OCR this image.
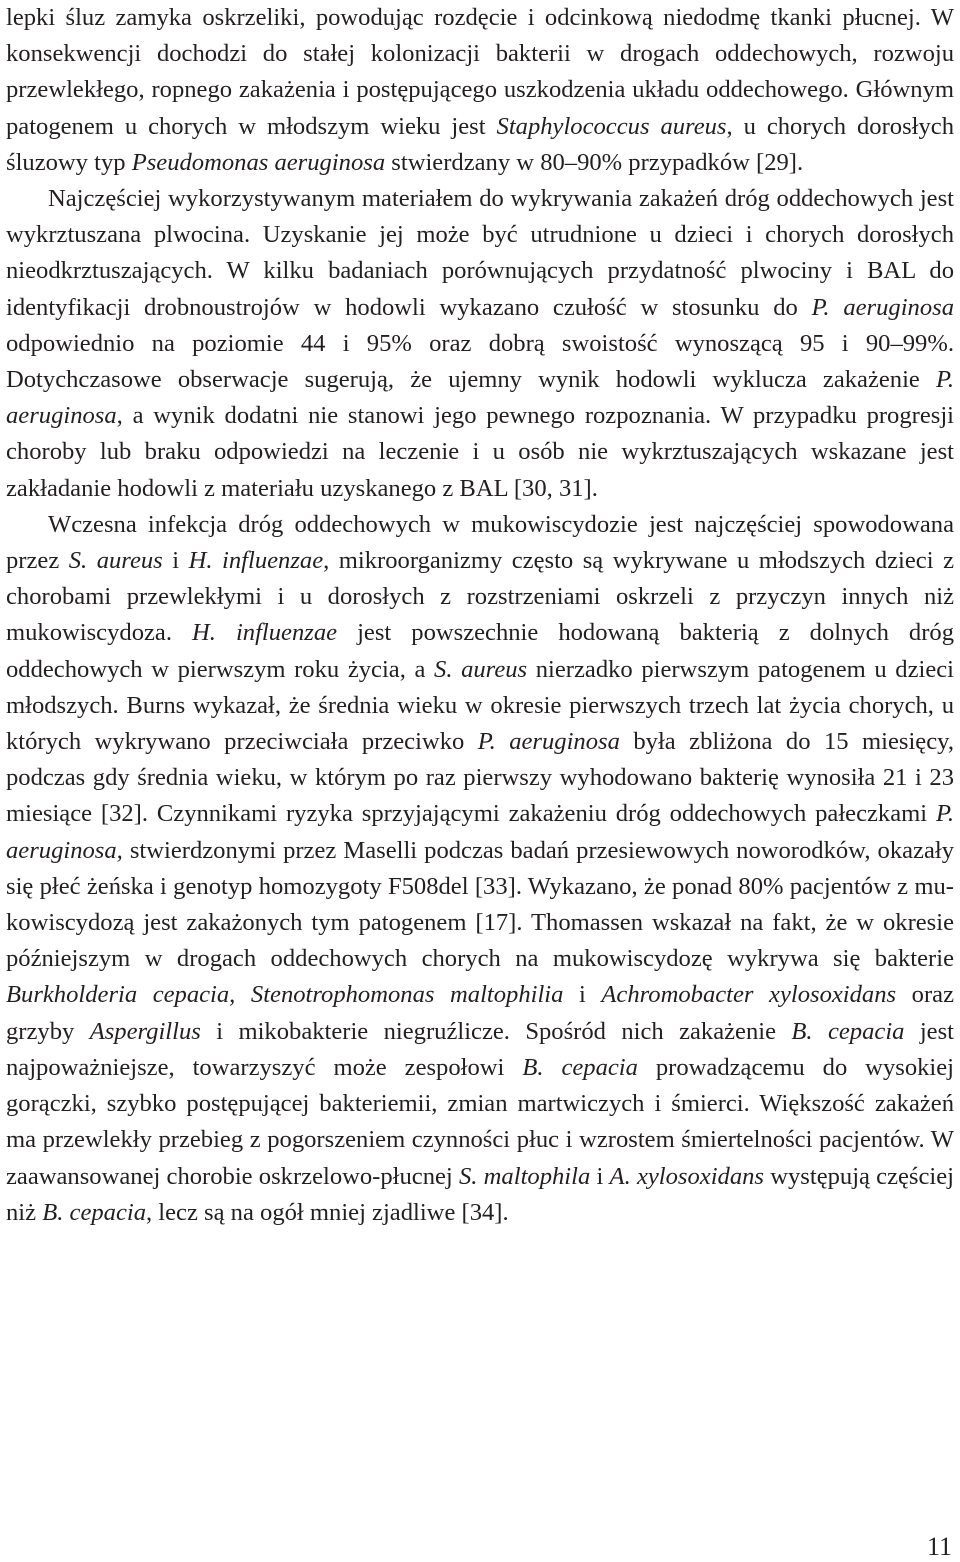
lepki śluz zamyka oskrzeliki, powodując rozdęcie i odcinkową niedodmę tkanki płucnej. W konsekwencji dochodzi do stałej kolonizacji bakterii w drogach oddechowych, rozwoju przewlekłego, ropnego zakażenia i postępującego uszkodzenia układu oddechowego. Głównym patogenem u chorych w młodszym wieku jest Staphylococcus aureus, u chorych dorosłych śluzowy typ Pseudomonas aeruginosa stwierdzany w 80–90% przypadków [29].

Najczęściej wykorzystywanym materiałem do wykrywania zakażeń dróg oddechowych jest wykrztuszana plwocina. Uzyskanie jej może być utrudnione u dzieci i chorych dorosłych nieodkrztuszających. W kilku badaniach porównujących przydatność plwociny i BAL do identyfikacji drobnoustrojów w hodowli wykazano czułość w stosunku do P. aeruginosa odpowiednio na poziomie 44 i 95% oraz dobrą swoistość wynoszącą 95 i 90–99%. Dotychczasowe obserwacje sugerują, że ujemny wynik hodowli wyklucza zakażenie P. aeruginosa, a wynik dodatni nie stanowi jego pewnego rozpoznania. W przypadku progresji choroby lub braku odpowiedzi na leczenie i u osób nie wykrztuszających wskazane jest zakładanie hodowli z materiału uzyskanego z BAL [30, 31].

Wczesna infekcja dróg oddechowych w mukowiscydozie jest najczęściej spowodowana przez S. aureus i H. influenzae, mikroorganizmy często są wykrywane u młodszych dzieci z chorobami przewlekłymi i u dorosłych z rozstrzeniami oskrzeli z przyczyn innych niż mukowiscydoza. H. influenzae jest powszechnie hodowaną bakterią z dolnych dróg oddechowych w pierwszym roku życia, a S. aureus nierzadko pierwszym patogenem u dzieci młodszych. Burns wykazał, że średnia wieku w okresie pierwszych trzech lat życia chorych, u których wykrywano przeciwciała przeciwko P. aeruginosa była zbliżona do 15 miesięcy, podczas gdy średnia wieku, w którym po raz pierwszy wyhodowano bakterię wynosiła 21 i 23 miesiące [32]. Czynnikami ryzyka sprzyjającymi zakażeniu dróg oddechowych pałeczkami P. aeruginosa, stwierdzonymi przez Maselli podczas badań przesiewowych noworodków, okazały się płeć żeńska i genotyp homozygoty F508del [33]. Wykazano, że ponad 80% pacjentów z mukowiscydozą jest zakażonych tym patogenem [17]. Thomassen wskazał na fakt, że w okresie późniejszym w drogach oddechowych chorych na mukowiscydozę wykrywa się bakterie Burkholderia cepacia, Stenotrophomonas maltophilia i Achromobacter xylosoxidans oraz grzyby Aspergillus i mikobakterie niegruźlicze. Spośród nich zakażenie B. cepacia jest najpoważniejsze, towarzyszyć może zespołowi B. cepacia prowadzącemu do wysokiej gorączki, szybko postępującej bakteriemii, zmian martwiczych i śmierci. Większość zakażeń ma przewlekły przebieg z pogorszeniem czynności płuc i wzrostem śmiertelności pacjentów. W zaawansowanej chorobie oskrzelowo-płucnej S. maltophila i A. xylosoxidans występują częściej niż B. cepacia, lecz są na ogół mniej zjadliwe [34].

11
